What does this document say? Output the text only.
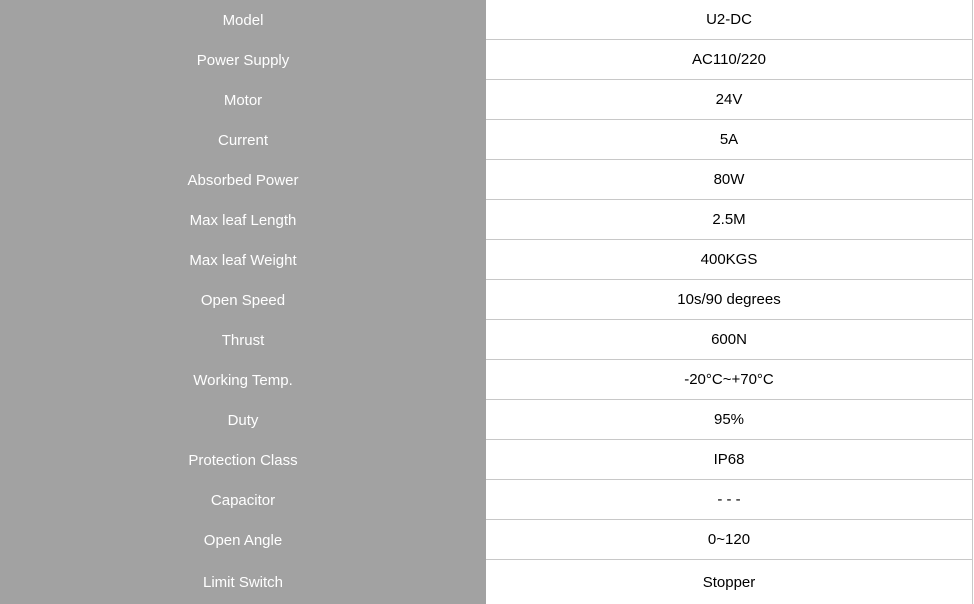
Model	U2-DC
Power Supply	AC110/220
Motor	24V
Current	5A
Absorbed Power	80W
Max leaf Length	2.5M
Max leaf Weight	400KGS
Open Speed	10s/90 degrees
Thrust	600N
Working Temp.	-20°C~+70°C
Duty	95%
Protection Class	IP68
Capacitor	- - -
Open Angle	0~120
Limit Switch	Stopper
